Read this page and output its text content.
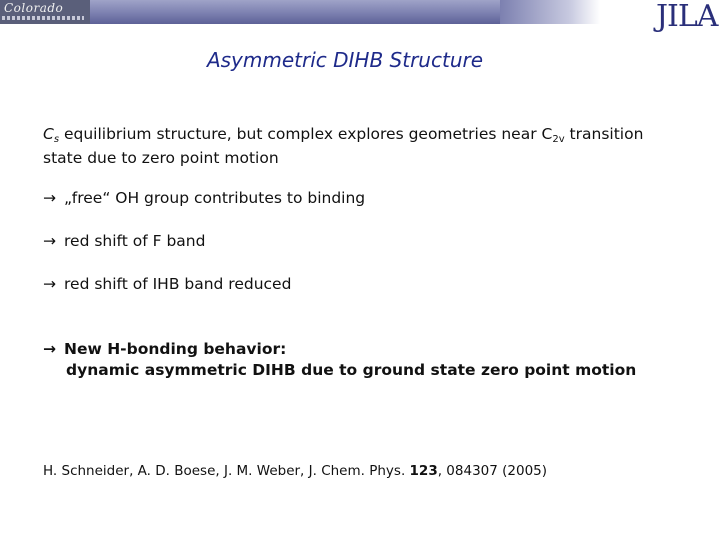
Colorado	JILA
Asymmetric DIHB Structure
$C_s$ equilibrium structure, but complex explores geometries near $C_{2v}$ transition state due to zero point motion
→ „free“ OH group contributes to binding
→ red shift of F band
→ red shift of IHB band reduced
→ New H-bonding behavior:
dynamic asymmetric DIHB due to ground state zero point motion
H. Schneider, A. D. Boese, J. M. Weber, J. Chem. Phys. 123, 084307 (2005)
